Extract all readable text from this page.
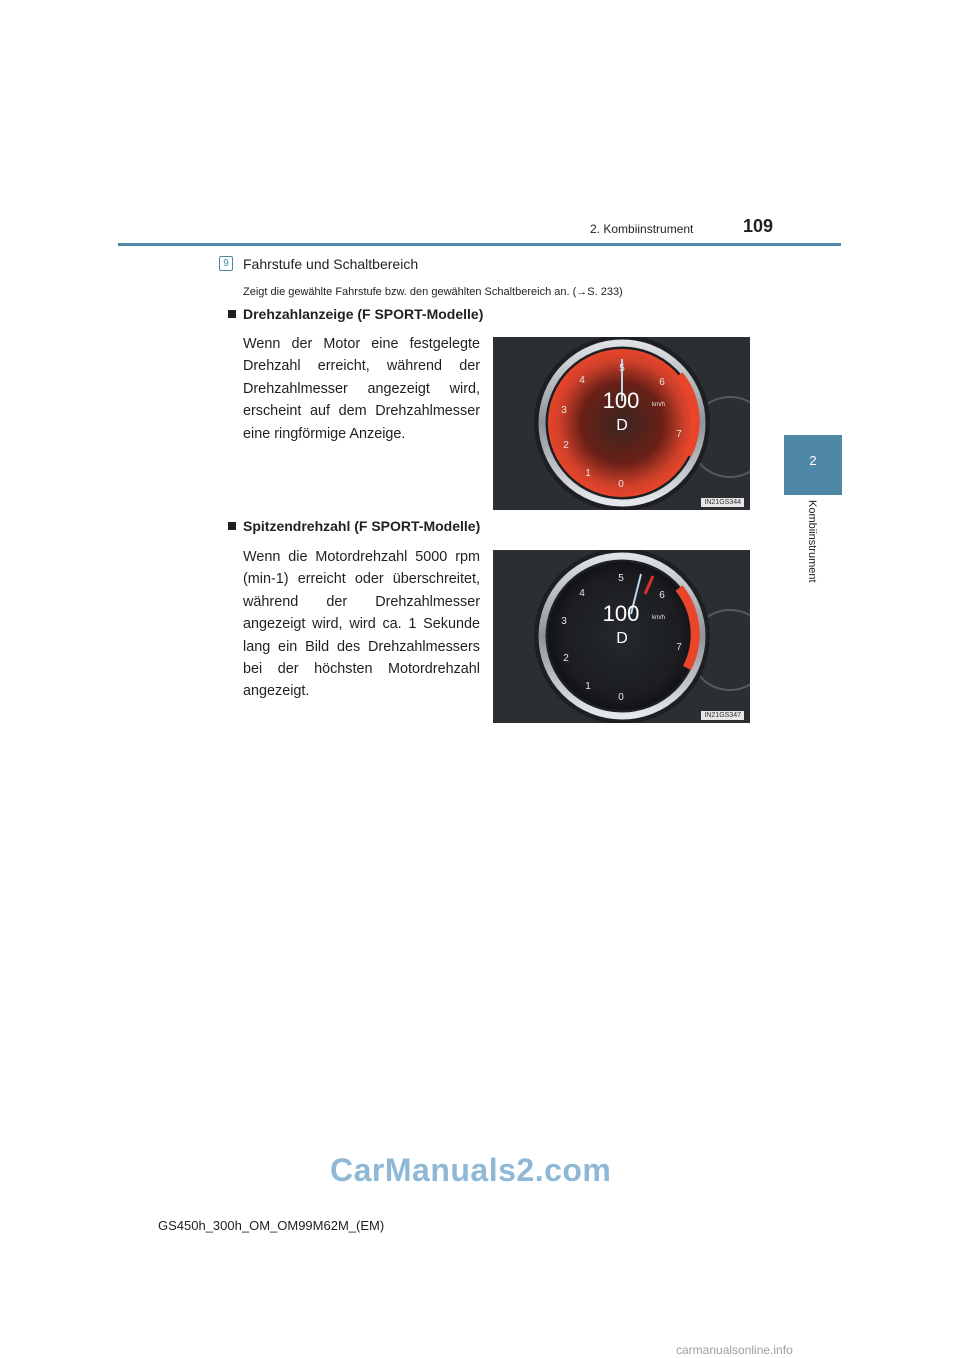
2. Kombiinstrument	109
2
Kombiinstrument
9	Fahrstufe und Schaltbereich
Zeigt die gewählte Fahrstufe bzw. den gewählten Schaltbereich an. (→S. 233)
Drehzahlanzeige (F SPORT-Modelle)
Wenn der Motor eine festgelegte Drehzahl erreicht, während der Drehzahlmesser angezeigt wird, erscheint auf dem Drehzahlmesser eine ringförmige Anzeige.
0
1
2
3
4
5
6
7
100 km/h
D
IN21GS344
Spitzendrehzahl (F SPORT-Modelle)
Wenn die Motordrehzahl 5000 rpm (min-1) erreicht oder überschreitet, während der Drehzahlmesser angezeigt wird, wird ca. 1 Sekunde lang ein Bild des Drehzahlmessers bei der höchsten Motordrehzahl angezeigt.	0
1
2
3
4
5
6
7
100 km/h
D
IN21GS347
CarManuals2.com
GS450h_300h_OM_OM99M62M_(EM)
carmanualsonline.info
